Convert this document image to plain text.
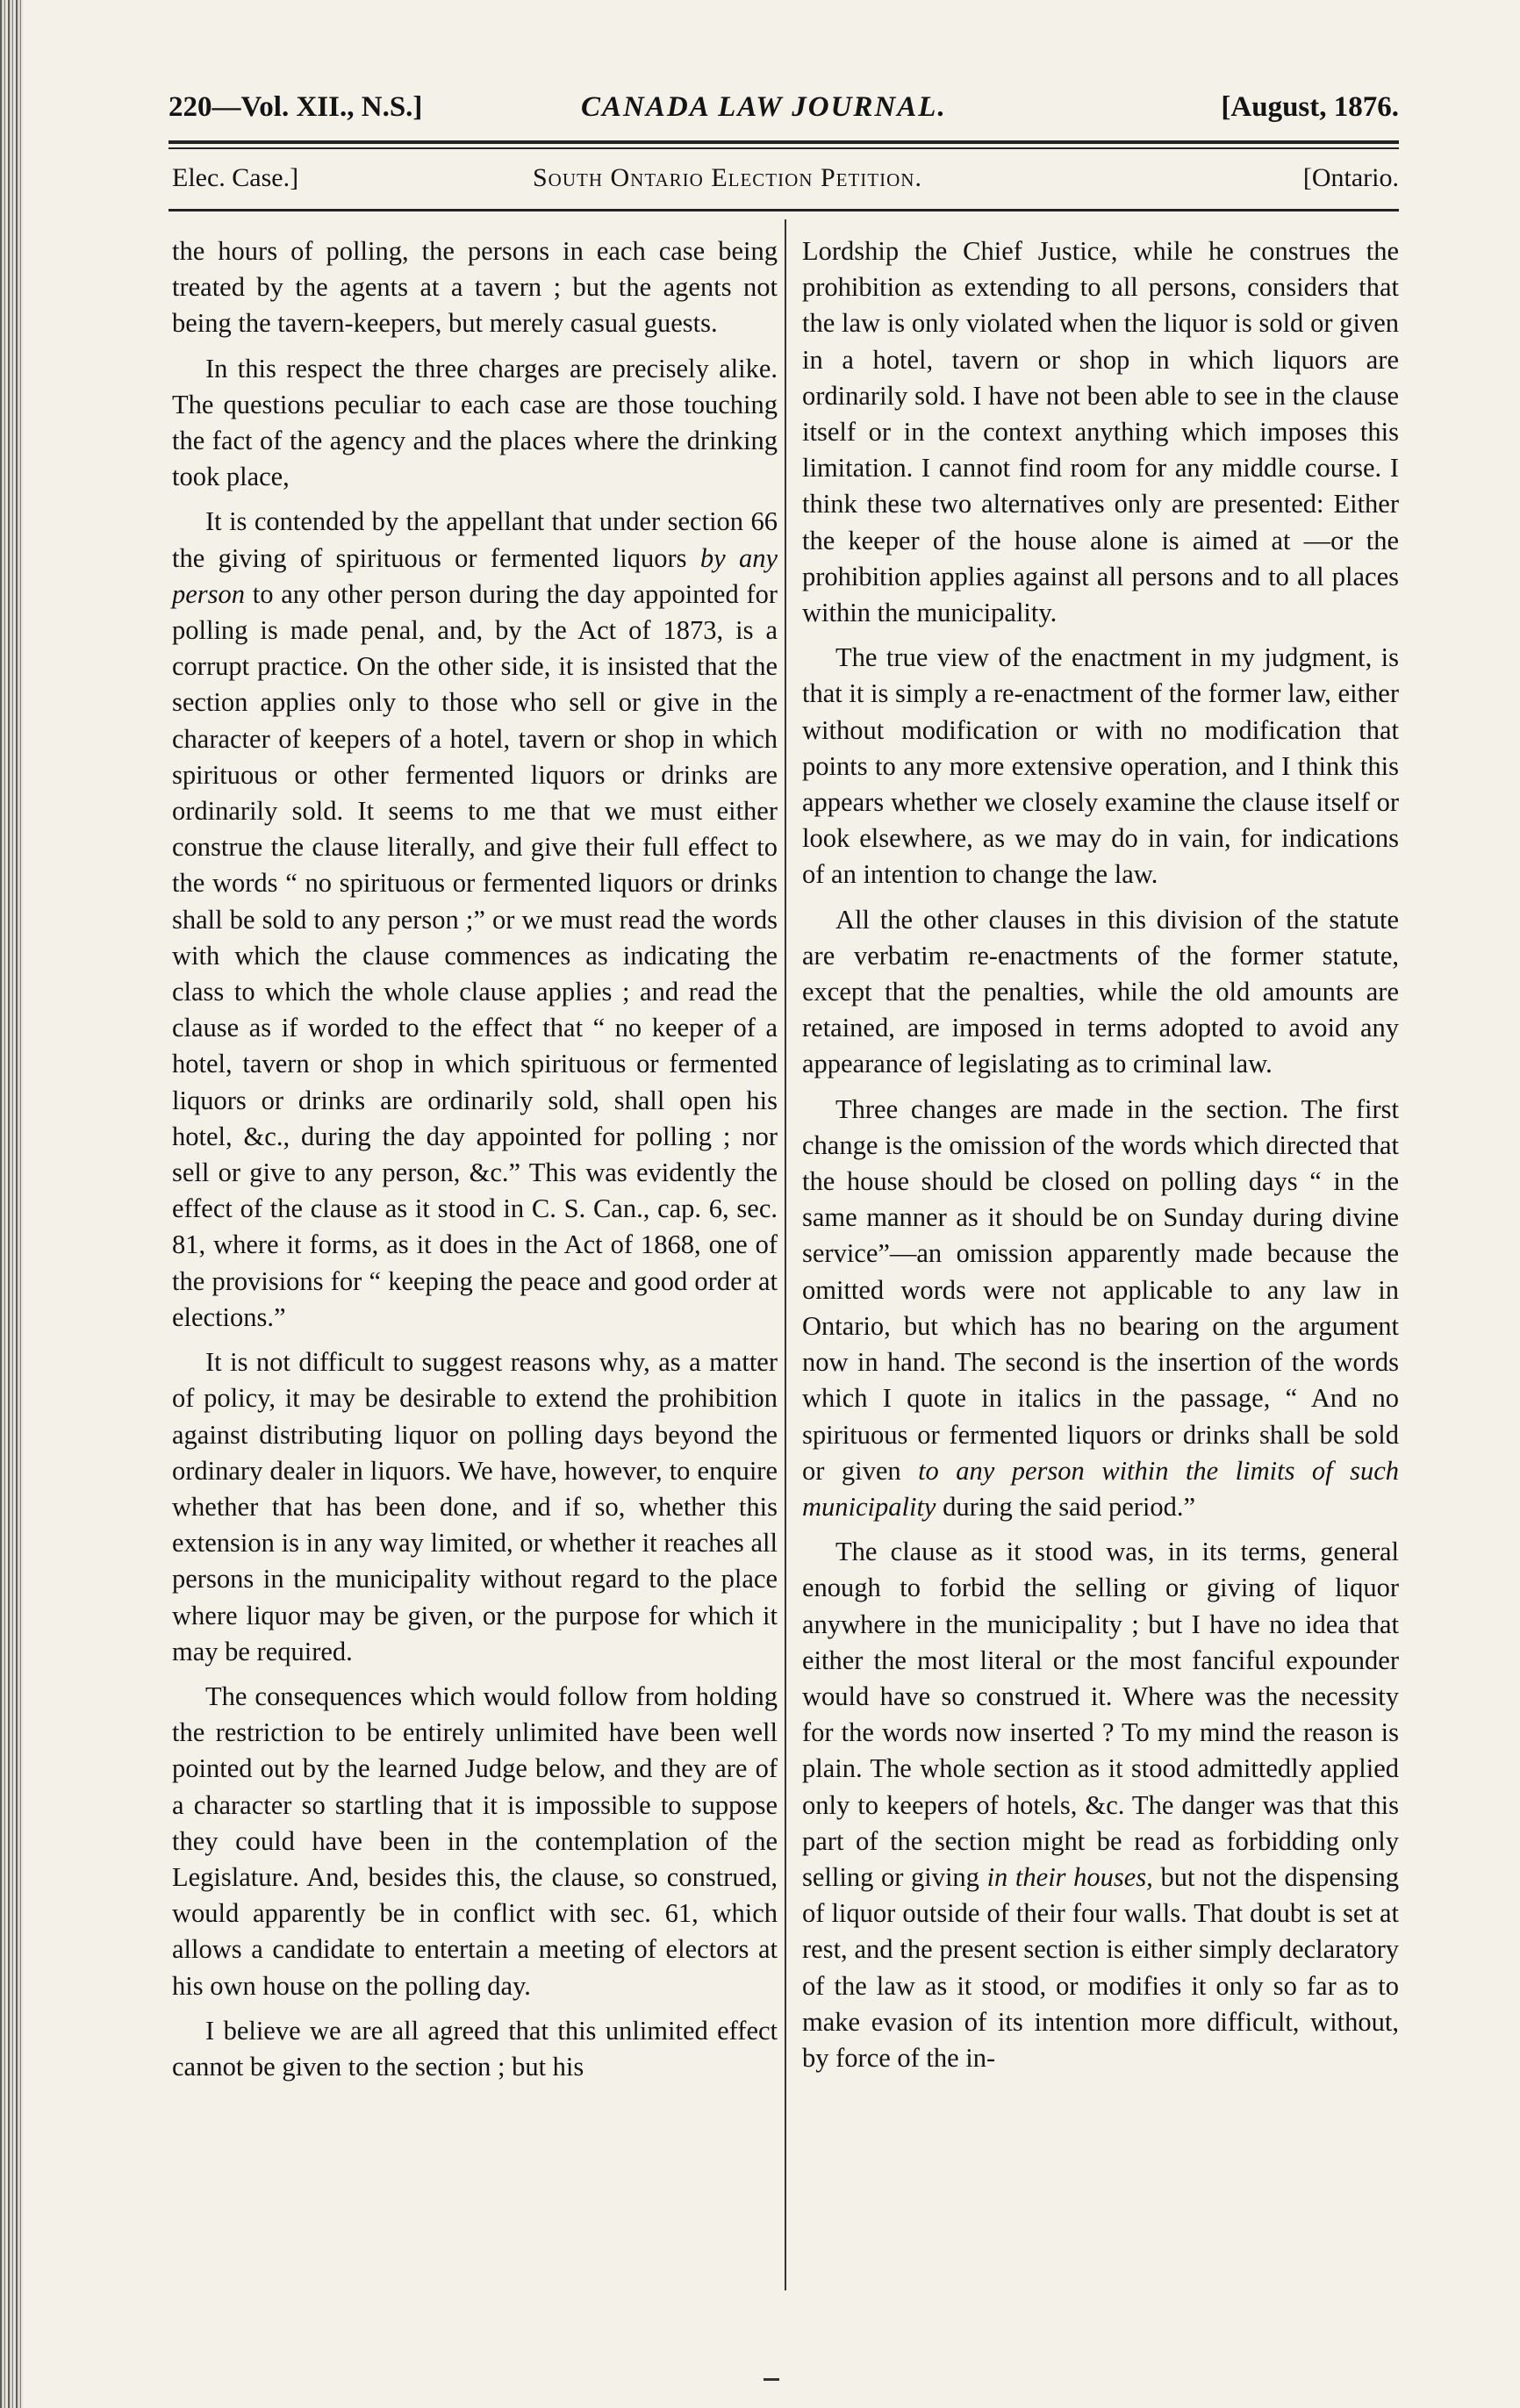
220—Vol. XII., N.S.]	CANADA LAW JOURNAL.	[August, 1876.
Elec. Case.]	South Ontario Election Petition.	[Ontario.

the hours of polling, the persons in each case being treated by the agents at a tavern ; but the agents not being the tavern-keepers, but merely casual guests.

In this respect the three charges are precisely alike. The questions peculiar to each case are those touching the fact of the agency and the places where the drinking took place,

It is contended by the appellant that under section 66 the giving of spirituous or fermented liquors by any person to any other person during the day appointed for polling is made penal, and, by the Act of 1873, is a corrupt practice. On the other side, it is insisted that the section applies only to those who sell or give in the character of keepers of a hotel, tavern or shop in which spirituous or other fermented liquors or drinks are ordinarily sold. It seems to me that we must either construe the clause literally, and give their full effect to the words “ no spirituous or fermented liquors or drinks shall be sold to any person ;” or we must read the words with which the clause commences as indicating the class to which the whole clause applies ; and read the clause as if worded to the effect that “ no keeper of a hotel, tavern or shop in which spirituous or fermented liquors or drinks are ordinarily sold, shall open his hotel, &c., during the day appointed for polling ; nor sell or give to any person, &c.” This was evidently the effect of the clause as it stood in C. S. Can., cap. 6, sec. 81, where it forms, as it does in the Act of 1868, one of the provisions for “ keeping the peace and good order at elections.”

It is not difficult to suggest reasons why, as a matter of policy, it may be desirable to extend the prohibition against distributing liquor on polling days beyond the ordinary dealer in liquors. We have, however, to enquire whether that has been done, and if so, whether this extension is in any way limited, or whether it reaches all persons in the municipality without regard to the place where liquor may be given, or the purpose for which it may be required.

The consequences which would follow from holding the restriction to be entirely unlimited have been well pointed out by the learned Judge below, and they are of a character so startling that it is impossible to suppose they could have been in the contemplation of the Legislature. And, besides this, the clause, so construed, would apparently be in conflict with sec. 61, which allows a candidate to entertain a meeting of electors at his own house on the polling day.

I believe we are all agreed that this unlimited effect cannot be given to the section ; but his

Lordship the Chief Justice, while he construes the prohibition as extending to all persons, considers that the law is only violated when the liquor is sold or given in a hotel, tavern or shop in which liquors are ordinarily sold. I have not been able to see in the clause itself or in the context anything which imposes this limitation. I cannot find room for any middle course. I think these two alternatives only are presented: Either the keeper of the house alone is aimed at —or the prohibition applies against all persons and to all places within the municipality.

The true view of the enactment in my judgment, is that it is simply a re-enactment of the former law, either without modification or with no modification that points to any more extensive operation, and I think this appears whether we closely examine the clause itself or look elsewhere, as we may do in vain, for indications of an intention to change the law.

All the other clauses in this division of the statute are verbatim re-enactments of the former statute, except that the penalties, while the old amounts are retained, are imposed in terms adopted to avoid any appearance of legislating as to criminal law.

Three changes are made in the section. The first change is the omission of the words which directed that the house should be closed on polling days “ in the same manner as it should be on Sunday during divine service”—an omission apparently made because the omitted words were not applicable to any law in Ontario, but which has no bearing on the argument now in hand. The second is the insertion of the words which I quote in italics in the passage, “ And no spirituous or fermented liquors or drinks shall be sold or given to any person within the limits of such municipality during the said period.”

The clause as it stood was, in its terms, general enough to forbid the selling or giving of liquor anywhere in the municipality ; but I have no idea that either the most literal or the most fanciful expounder would have so construed it. Where was the necessity for the words now inserted ? To my mind the reason is plain. The whole section as it stood admittedly applied only to keepers of hotels, &c. The danger was that this part of the section might be read as forbidding only selling or giving in their houses, but not the dispensing of liquor outside of their four walls. That doubt is set at rest, and the present section is either simply declaratory of the law as it stood, or modifies it only so far as to make evasion of its intention more difficult, without, by force of the in-
